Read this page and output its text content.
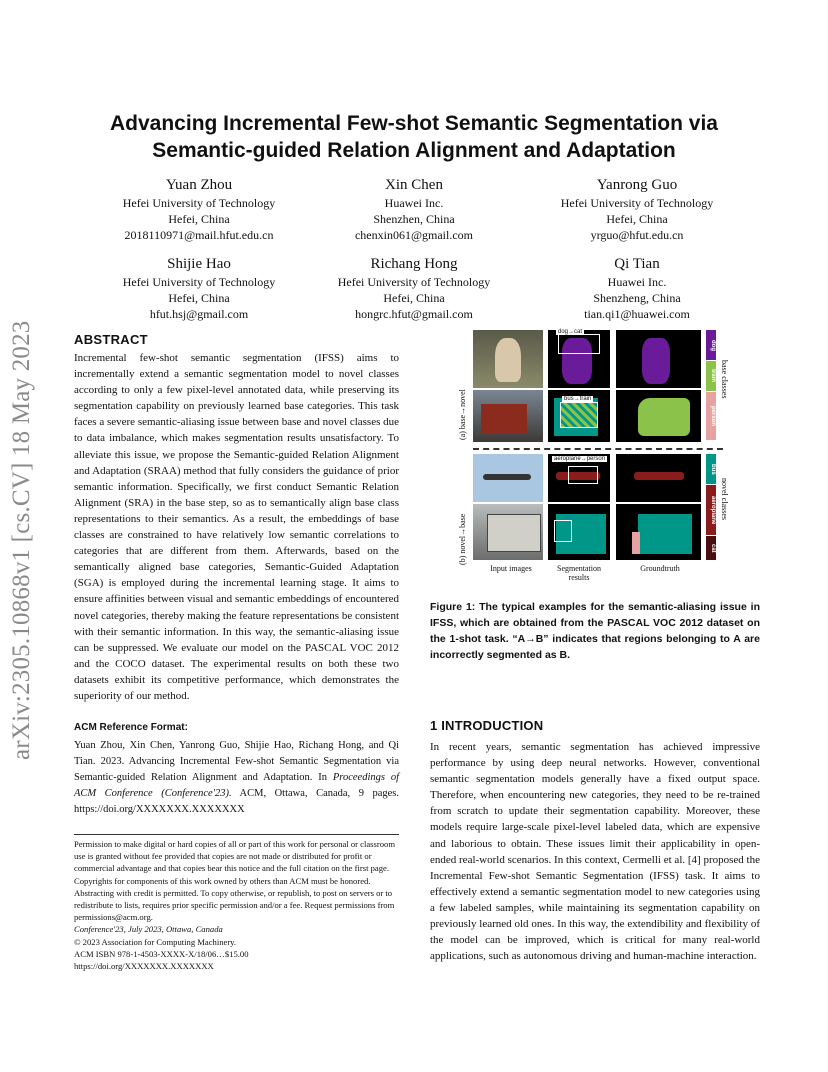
arXiv:2305.10868v1 [cs.CV] 18 May 2023
Advancing Incremental Few-shot Semantic Segmentation via Semantic-guided Relation Alignment and Adaptation
Yuan Zhou
Hefei University of Technology
Hefei, China
2018110971@mail.hfut.edu.cn
Xin Chen
Huawei Inc.
Shenzhen, China
chenxin061@gmail.com
Yanrong Guo
Hefei University of Technology
Hefei, China
yrguo@hfut.edu.cn
Shijie Hao
Hefei University of Technology
Hefei, China
hfut.hsj@gmail.com
Richang Hong
Hefei University of Technology
Hefei, China
hongrc.hfut@gmail.com
Qi Tian
Huawei Inc.
Shenzheng, China
tian.qi1@huawei.com
ABSTRACT
Incremental few-shot semantic segmentation (IFSS) aims to incrementally extend a semantic segmentation model to novel classes according to only a few pixel-level annotated data, while preserving its segmentation capability on previously learned base categories. This task faces a severe semantic-aliasing issue between base and novel classes due to data imbalance, which makes segmentation results unsatisfactory. To alleviate this issue, we propose the Semantic-guided Relation Alignment and Adaptation (SRAA) method that fully considers the guidance of prior semantic information. Specifically, we first conduct Semantic Relation Alignment (SRA) in the base step, so as to semantically align base class representations to their semantics. As a result, the embeddings of base classes are constrained to have relatively low semantic correlations to categories that are different from them. Afterwards, based on the semantically aligned base categories, Semantic-Guided Adaptation (SGA) is employed during the incremental learning stage. It aims to ensure affinities between visual and semantic embeddings of encountered novel categories, thereby making the feature representations be consistent with their semantic information. In this way, the semantic-aliasing issue can be suppressed. We evaluate our model on the PASCAL VOC 2012 and the COCO dataset. The experimental results on both these two datasets exhibit its competitive performance, which demonstrates the superiority of our method.
ACM Reference Format:
Yuan Zhou, Xin Chen, Yanrong Guo, Shijie Hao, Richang Hong, and Qi Tian. 2023. Advancing Incremental Few-shot Semantic Segmentation via Semantic-guided Relation Alignment and Adaptation. In Proceedings of ACM Conference (Conference'23). ACM, Ottawa, Canada, 9 pages. https://doi.org/XXXXXXX.XXXXXXX
Permission to make digital or hard copies of all or part of this work for personal or classroom use is granted without fee provided that copies are not made or distributed for profit or commercial advantage and that copies bear this notice and the full citation on the first page. Copyrights for components of this work owned by others than ACM must be honored. Abstracting with credit is permitted. To copy otherwise, or republish, to post on servers or to redistribute to lists, requires prior specific permission and/or a fee. Request permissions from permissions@acm.org.
Conference'23, July 2023, Ottawa, Canada
© 2023 Association for Computing Machinery.
ACM ISBN 978-1-4503-XXXX-X/18/06…$15.00
https://doi.org/XXXXXXX.XXXXXXX
(a) base→novel
(b) novel→base
dog→cat
bus→train
dog
train
person
base classes
aeroplane→person
bus
aeroplane
cat
novel classes
Input images	Segmentation results
Groundtruth
Figure 1: The typical examples for the semantic-aliasing issue in IFSS, which are obtained from the PASCAL VOC 2012 dataset on the 1-shot task. “A→B” indicates that regions belonging to A are incorrectly segmented as B.
1 INTRODUCTION
In recent years, semantic segmentation has achieved impressive performance by using deep neural networks. However, conventional semantic segmentation models generally have a fixed output space. Therefore, when encountering new categories, they need to be re-trained from scratch to update their segmentation capability. Moreover, these models require large-scale pixel-level labeled data, which are expensive and laborious to obtain. These issues limit their applicability in open-ended real-world scenarios. In this context, Cermelli et al. [4] proposed the Incremental Few-shot Semantic Segmentation (IFSS) task. It aims to effectively extend a semantic segmentation model to new categories using a few labeled samples, while maintaining its segmentation capability on previously learned old ones. In this way, the extendibility and flexibility of the model can be improved, which is critical for many real-world applications, such as autonomous driving and human-machine interaction.
